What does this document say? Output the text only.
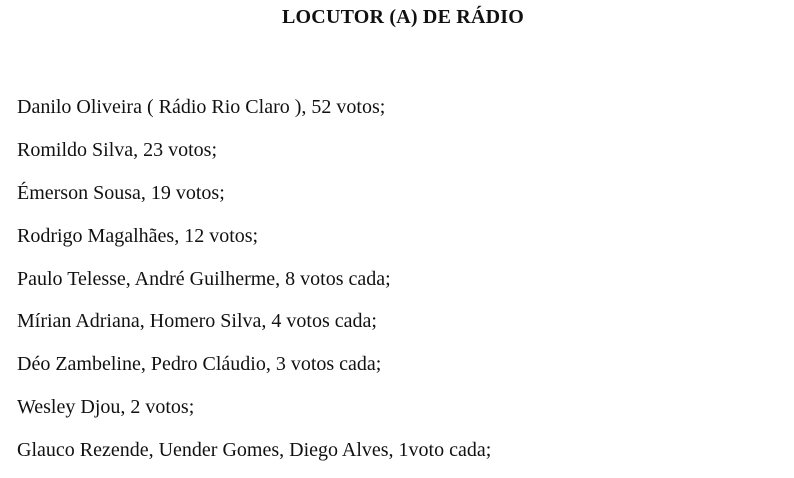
LOCUTOR (A) DE RÁDIO
Danilo Oliveira ( Rádio Rio Claro ), 52 votos;
Romildo Silva, 23 votos;
Émerson Sousa, 19 votos;
Rodrigo Magalhães, 12 votos;
Paulo Telesse, André Guilherme, 8 votos cada;
Mírian Adriana, Homero Silva, 4 votos cada;
Déo Zambeline, Pedro Cláudio, 3 votos cada;
Wesley Djou, 2 votos;
Glauco Rezende, Uender Gomes, Diego Alves, 1voto cada;
